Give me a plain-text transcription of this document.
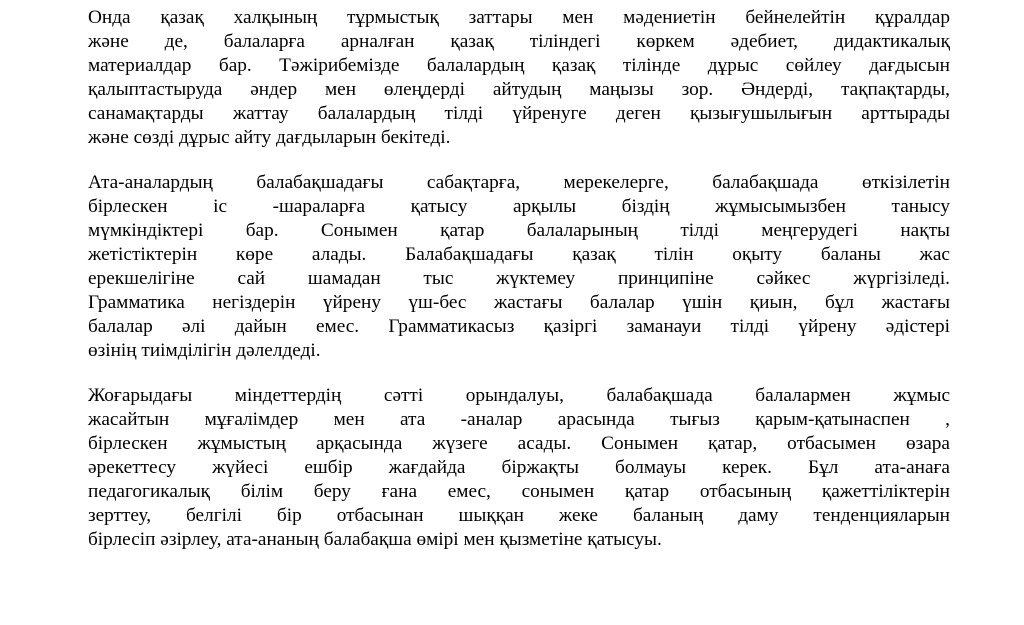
Онда қазақ халқының тұрмыстық заттары мен мәдениетін бейнелейтін құралдар
және де, балаларға арналған қазақ тіліндегі көркем әдебиет, дидактикалық
материалдар бар. Тәжірибемізде балалардың қазақ тілінде дұрыс сөйлеу дағдысын
қалыптастыруда әндер мен өлеңдерді айтудың маңызы зор. Әндерді, тақпақтарды,
санамақтарды жаттау балалардың тілді үйренуге деген қызығушылығын арттырады
және сөзді дұрыс айту дағдыларын бекітеді.

Ата-аналардың балабақшадағы сабақтарға, мерекелерге, балабақшада өткізілетін
бірлескен іс -шараларға қатысу арқылы біздің жұмысымызбен танысу
мүмкіндіктері бар. Сонымен қатар балаларының тілді меңгерудегі нақты
жетістіктерін көре алады. Балабақшадағы қазақ тілін оқыту баланы жас
ерекшелігіне сай шамадан тыс жүктемеу принципіне сәйкес жүргізіледі.
Грамматика негіздерін үйрену үш-бес жастағы балалар үшін қиын, бұл жастағы
балалар әлі дайын емес. Грамматикасыз қазіргі заманауи тілді үйрену әдістері
өзінің тиімділігін дәлелдеді.

Жоғарыдағы міндеттердің сәтті орындалуы, балабақшада балалармен жұмыс
жасайтын мұғалімдер мен ата -аналар арасында тығыз қарым-қатынаспен ,
бірлескен жұмыстың арқасында жүзеге асады. Сонымен қатар, отбасымен өзара
әрекеттесу жүйесі ешбір жағдайда біржақты болмауы керек. Бұл ата-анаға
педагогикалық білім беру ғана емес, сонымен қатар отбасының қажеттіліктерін
зерттеу, белгілі бір отбасынан шыққан жеке баланың даму тенденцияларын
бірлесіп әзірлеу, ата-ананың балабақша өмірі мен қызметіне қатысуы.
